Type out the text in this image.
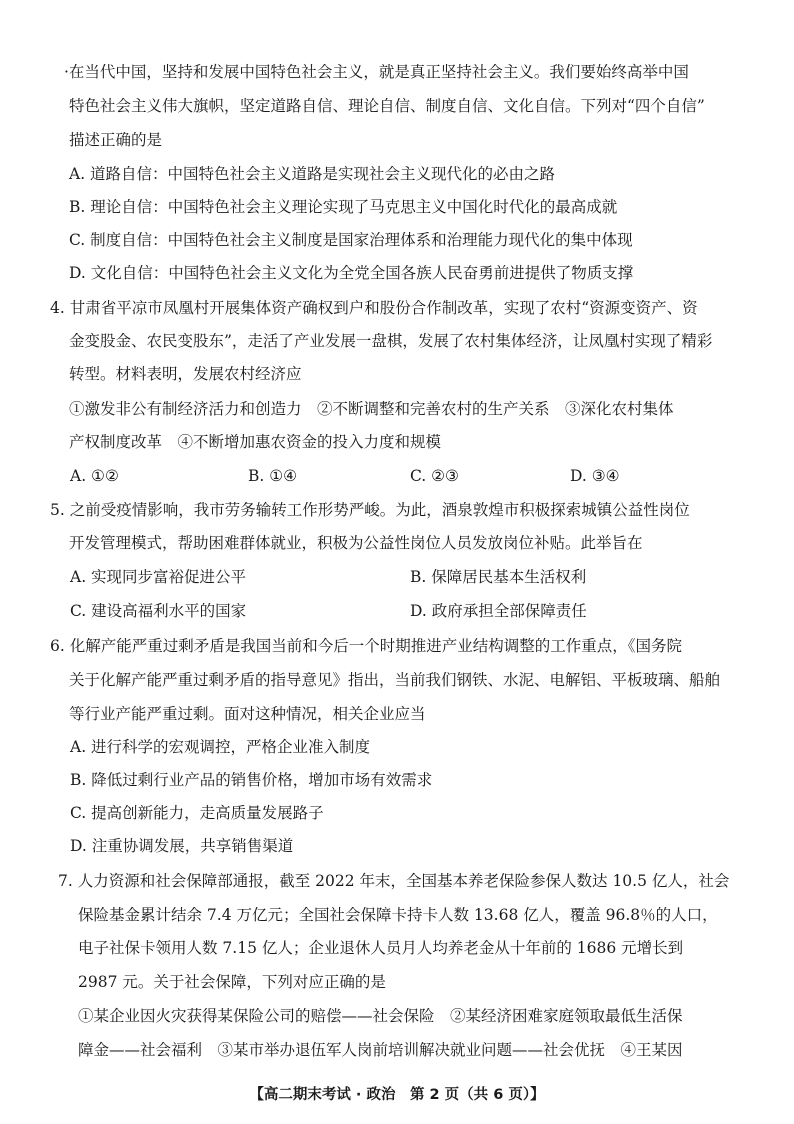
·在当代中国，坚持和发展中国特色社会主义，就是真正坚持社会主义。我们要始终高举中国
特色社会主义伟大旗帜，坚定道路自信、理论自信、制度自信、文化自信。下列对“四个自信”
描述正确的是
A. 道路自信：中国特色社会主义道路是实现社会主义现代化的必由之路
B. 理论自信：中国特色社会主义理论实现了马克思主义中国化时代化的最高成就
C. 制度自信：中国特色社会主义制度是国家治理体系和治理能力现代化的集中体现
D. 文化自信：中国特色社会主义文化为全党全国各族人民奋勇前进提供了物质支撑
4. 甘肃省平凉市凤凰村开展集体资产确权到户和股份合作制改革，实现了农村“资源变资产、资
金变股金、农民变股东”，走活了产业发展一盘棋，发展了农村集体经济，让凤凰村实现了精彩
转型。材料表明，发展农村经济应
①激发非公有制经济活力和创造力　②不断调整和完善农村的生产关系　③深化农村集体
产权制度改革　④不断增加惠农资金的投入力度和规模
A. ①②	B. ①④	C. ②③	D. ③④
5. 之前受疫情影响，我市劳务输转工作形势严峻。为此，酒泉敦煌市积极探索城镇公益性岗位
开发管理模式，帮助困难群体就业，积极为公益性岗位人员发放岗位补贴。此举旨在
A. 实现同步富裕促进公平	B. 保障居民基本生活权利
C. 建设高福利水平的国家	D. 政府承担全部保障责任
6. 化解产能严重过剩矛盾是我国当前和今后一个时期推进产业结构调整的工作重点，《国务院
关于化解产能严重过剩矛盾的指导意见》指出，当前我们钢铁、水泥、电解铝、平板玻璃、船舶
等行业产能严重过剩。面对这种情况，相关企业应当
A. 进行科学的宏观调控，严格企业准入制度
B. 降低过剩行业产品的销售价格，增加市场有效需求
C. 提高创新能力，走高质量发展路子
D. 注重协调发展，共享销售渠道
7. 人力资源和社会保障部通报，截至 2022 年末，全国基本养老保险参保人数达 10.5 亿人，社会
保险基金累计结余 7.4 万亿元；全国社会保障卡持卡人数 13.68 亿人，覆盖 96.8％的人口，
电子社保卡领用人数 7.15 亿人；企业退休人员月人均养老金从十年前的 1686 元增长到
2987 元。关于社会保障，下列对应正确的是
①某企业因火灾获得某保险公司的赔偿——社会保险　②某经济困难家庭领取最低生活保
障金——社会福利　③某市举办退伍军人岗前培训解决就业问题——社会优抚　④王某因
【高二期末考试 · 政治　第 2 页（共 6 页）】
